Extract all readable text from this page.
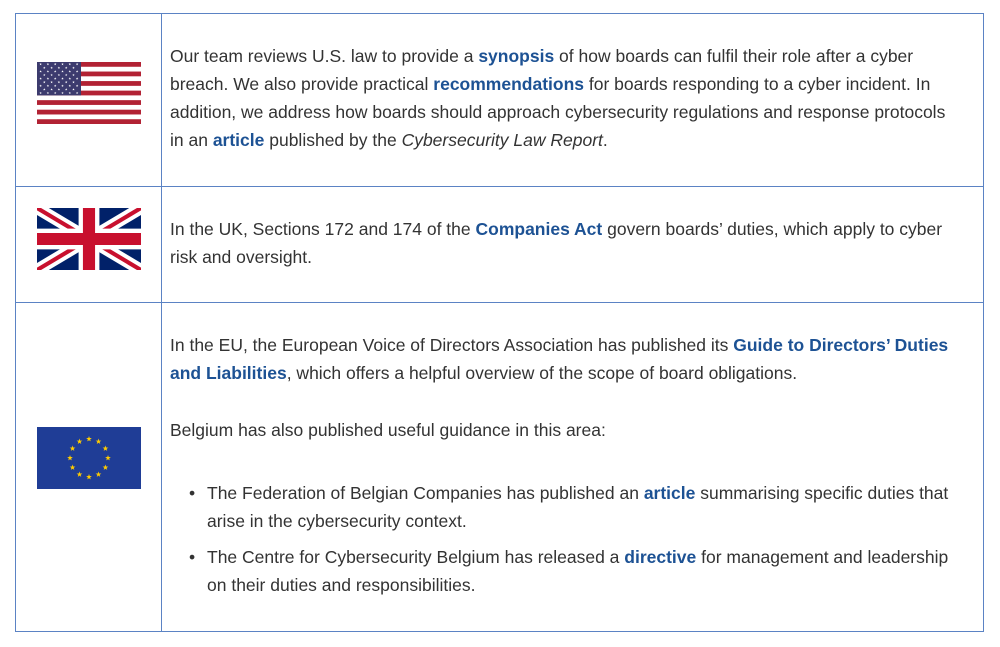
Our team reviews U.S. law to provide a synopsis of how boards can fulfil their role after a cyber breach. We also provide practical recommendations for boards responding to a cyber incident. In addition, we address how boards should approach cybersecurity regulations and response protocols in an article published by the Cybersecurity Law Report.

In the UK, Sections 172 and 174 of the Companies Act govern boards’ duties, which apply to cyber risk and oversight.

In the EU, the European Voice of Directors Association has published its Guide to Directors’ Duties and Liabilities, which offers a helpful overview of the scope of board obligations.

Belgium has also published useful guidance in this area:

• The Federation of Belgian Companies has published an article summarising specific duties that arise in the cybersecurity context.
• The Centre for Cybersecurity Belgium has released a directive for management and leadership on their duties and responsibilities.
